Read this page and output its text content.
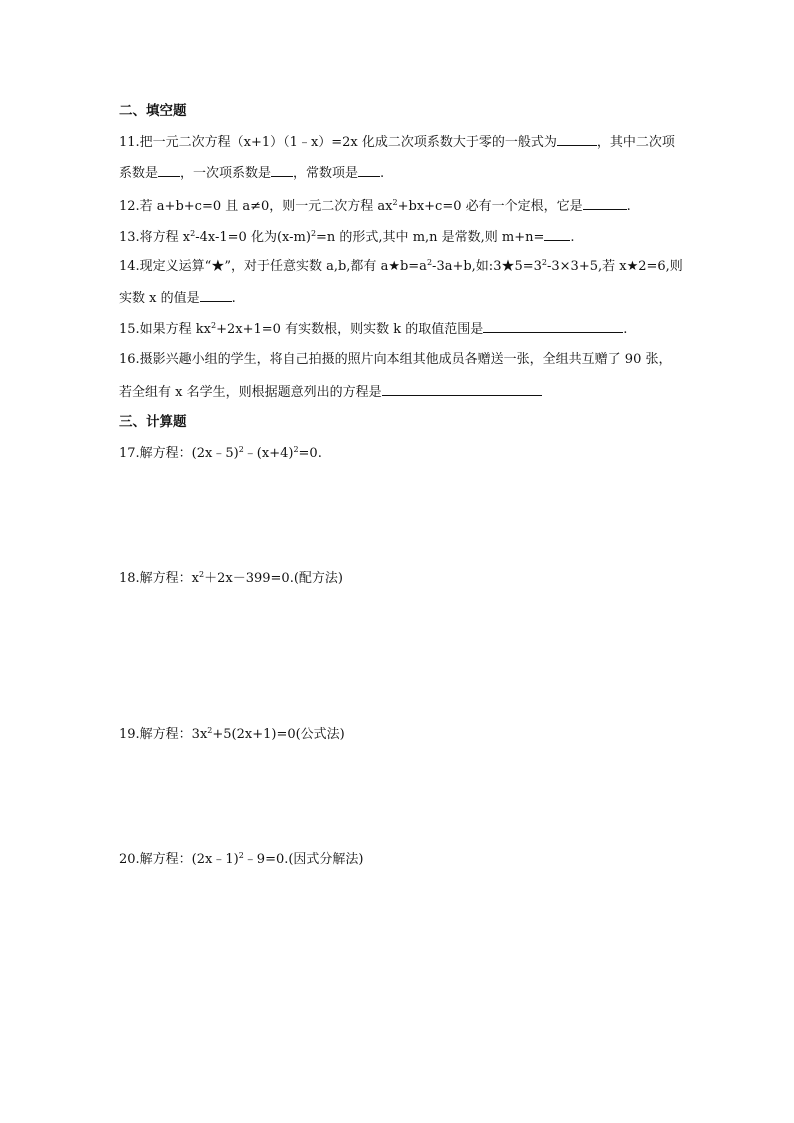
二、填空题
11.把一元二次方程（x+1）（1﹣x）=2x 化成二次项系数大于零的一般式为	，其中二次项
系数是 ，一次项系数是 ，常数项是 .
12.若 a+b+c=0 且 a≠0，则一元二次方程 $ax^2+bx+c=0$ 必有一个定根，它是	.
13.将方程 $x^2-4x-1=0$ 化为$(x-m)^2=n$ 的形式,其中 m,n 是常数,则 m+n= .
14.现定义运算“★”，对于任意实数 a,b,都有 $a★b=a^2-3a+b$,如$:3★5=3^2-3\times 3+5$,若 x★2=6,则
实数 x 的值是 .
15.如果方程 $kx^2+2x+1=0$ 有实数根，则实数 k 的取值范围是	.
16.摄影兴趣小组的学生，将自己拍摄的照片向本组其他成员各赠送一张，全组共互赠了 90 张，
若全组有 x 名学生，则根据题意列出的方程是
三、计算题
17.解方程：$(2x﹣5)^2﹣(x+4)^2=0$.
18.解方程：$x^2+2x-399=0$.(配方法)
19.解方程：$3x^2+5(2x+1)=0$(公式法)
20.解方程：(2x﹣1)$^2$﹣9=0.(因式分解法)
